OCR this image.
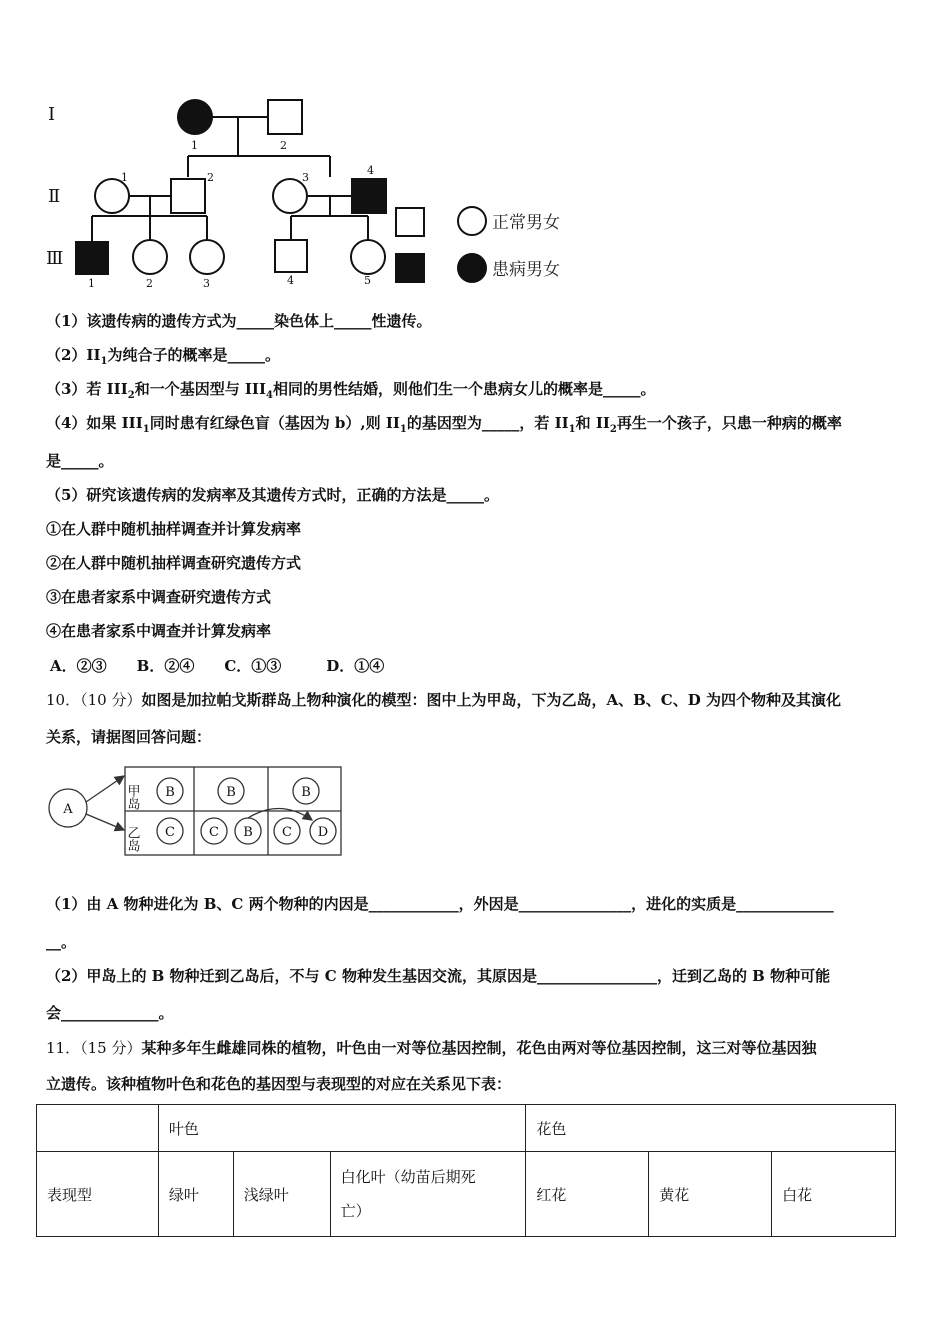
Ⅰ
Ⅱ
Ⅲ
1	2
1	2	3
4
1	2	3	4	5
正常男女
患病男女
（1）该遗传病的遗传方式为_____染色体上_____性遗传。
$(2)II_1$为纯合子的概率是_____。
（3）若 $III_2$和一个基因型与 $III_4$相同的男性结婚，则他们生一个患病女儿的概率是_____。
（4）如果 $III_1$同时患有红绿色盲（基因为 b）,则 $II_1$的基因型为_____，若 $II_1$和 $II_2$再生一个孩子，只患一种病的概率
是_____。
（5）研究该遗传病的发病率及其遗传方式时，正确的方法是_____。
①在人群中随机抽样调查并计算发病率
②在人群中随机抽样调查研究遗传方式
③在患者家系中调查研究遗传方式
④在患者家系中调查并计算发病率
A．②③　　B．②④　　C．①③　　　D．①④
10．（10 分）如图是加拉帕戈斯群岛上物种演化的模型：图中上为甲岛，下为乙岛，A、B、C、D 为四个物种及其演化
关系，请据图回答问题：
A
B	B	B
C	C B C D
甲岛
乙岛
（1）由 A 物种进化为 B、C 两个物种的内因是____________，外因是_______________，进化的实质是_____________
__。
（2）甲岛上的 B 物种迁到乙岛后，不与 C 物种发生基因交流，其原因是________________，迁到乙岛的 B 物种可能
会_____________。
11．（15 分）某种多年生雌雄同株的植物，叶色由一对等位基因控制，花色由两对等位基因控制，这三对等位基因独
立遗传。该种植物叶色和花色的基因型与表现型的对应在关系见下表：
	叶色			花色		
表现型	绿叶	浅绿叶	白化叶（幼苗后期死
亡）	红花	黄花	白花
